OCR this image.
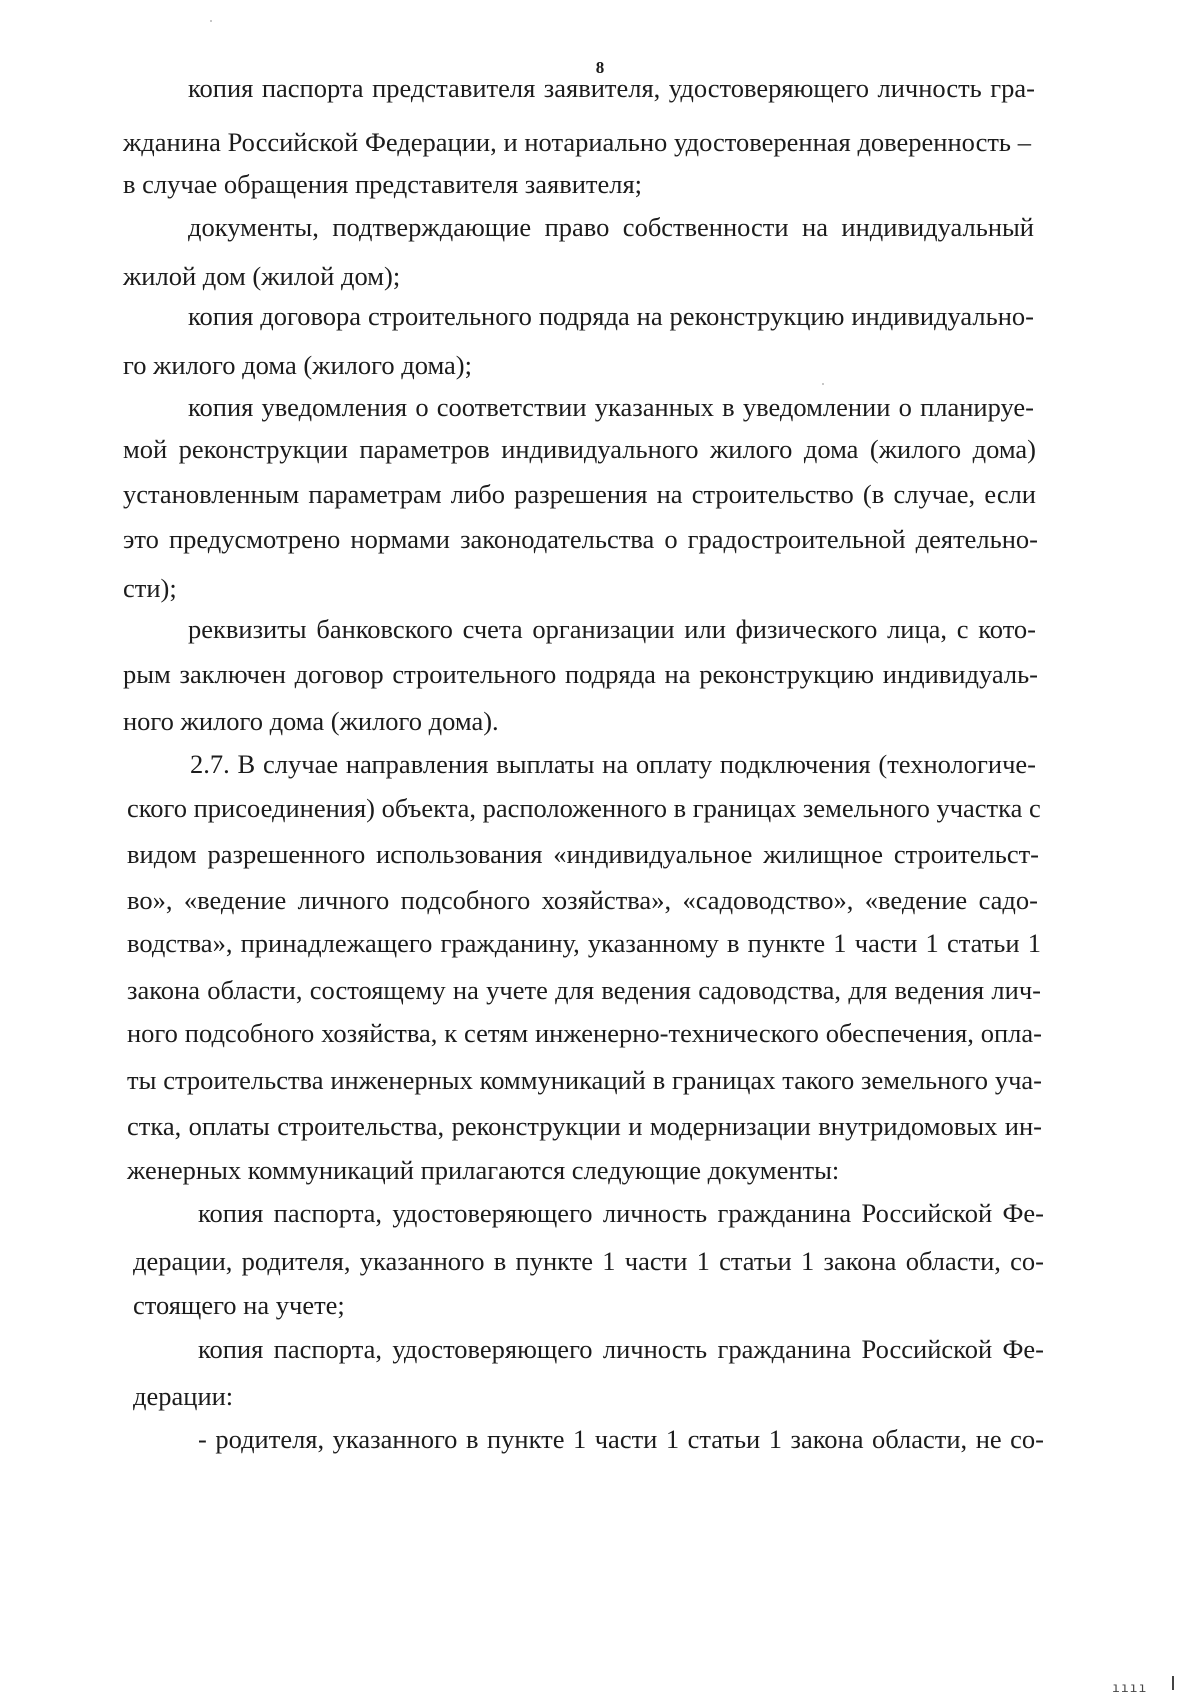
8
копия паспорта представителя заявителя, удостоверяющего личность гра-
жданина Российской Федерации, и нотариально удостоверенная доверенность –
в случае обращения представителя заявителя;
документы, подтверждающие право собственности на индивидуальный
жилой дом (жилой дом);
копия договора строительного подряда на реконструкцию индивидуально-
го жилого дома (жилого дома);
копия уведомления о соответствии указанных в уведомлении о планируе-
мой реконструкции параметров индивидуального жилого дома (жилого дома)
установленным параметрам либо разрешения на строительство (в случае, если
это предусмотрено нормами законодательства о градостроительной деятельно-
сти);
реквизиты банковского счета организации или физического лица, с кото-
рым заключен договор строительного подряда на реконструкцию индивидуаль-
ного жилого дома (жилого дома).
2.7. В случае направления выплаты на оплату подключения (технологиче-
ского присоединения) объекта, расположенного в границах земельного участка с
видом разрешенного использования «индивидуальное жилищное строительст-
во», «ведение личного подсобного хозяйства», «садоводство», «ведение садо-
водства», принадлежащего гражданину, указанному в пункте 1 части 1 статьи 1
закона области, состоящему на учете для ведения садоводства, для ведения лич-
ного подсобного хозяйства, к сетям инженерно-технического обеспечения, опла-
ты строительства инженерных коммуникаций в границах такого земельного уча-
стка, оплаты строительства, реконструкции и модернизации внутридомовых ин-
женерных коммуникаций прилагаются следующие документы:
копия паспорта, удостоверяющего личность гражданина Российской Фе-
дерации, родителя, указанного в пункте 1 части 1 статьи 1 закона области, со-
стоящего на учете;
копия паспорта, удостоверяющего личность гражданина Российской Фе-
дерации:
- родителя, указанного в пункте 1 части 1 статьи 1 закона области, не со-
ıııı
